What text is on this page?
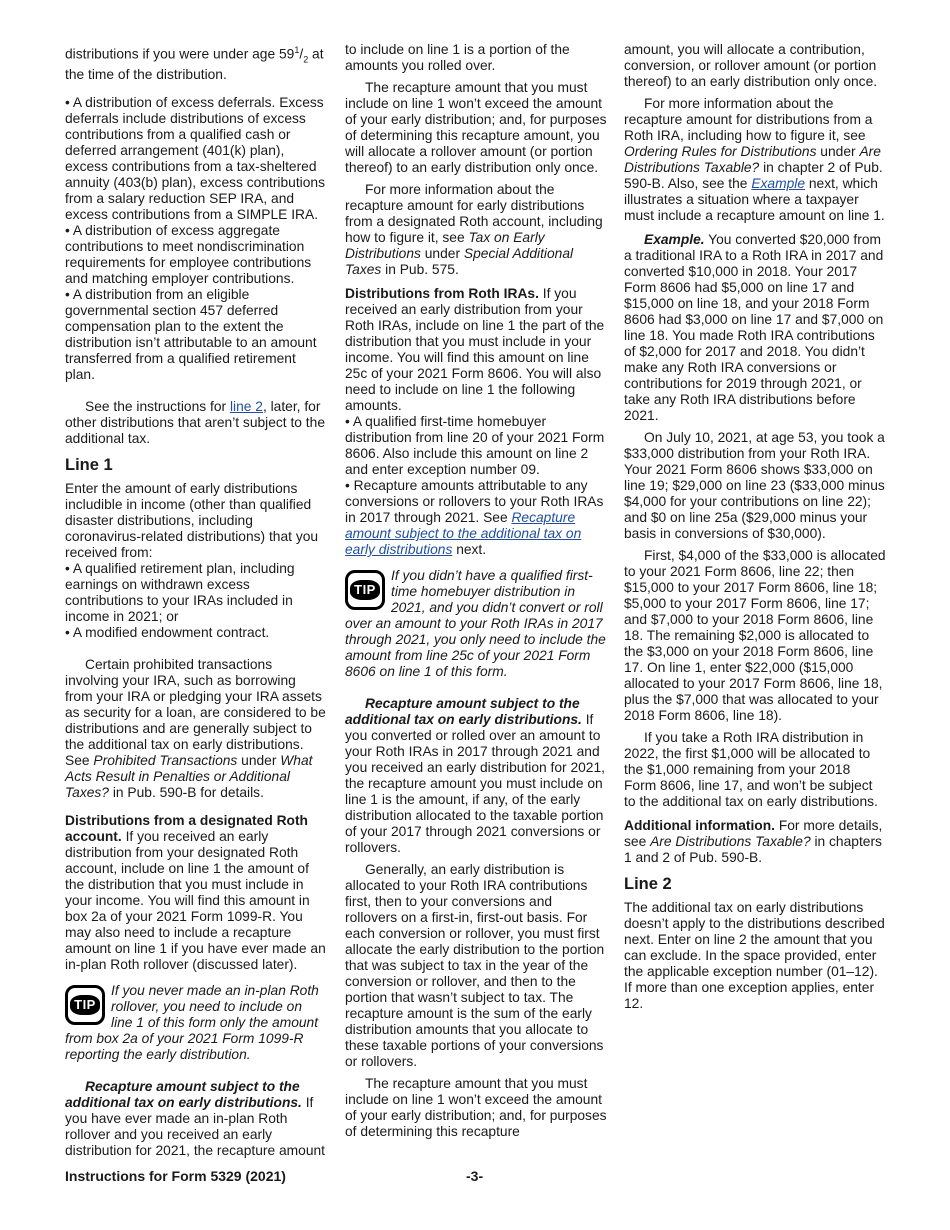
distributions if you were under age $59^1/_2$ at the time of the distribution.

• A distribution of excess deferrals. Excess deferrals include distributions of excess contributions from a qualified cash or deferred arrangement (401(k) plan), excess contributions from a tax-sheltered annuity (403(b) plan), excess contributions from a salary reduction SEP IRA, and excess contributions from a SIMPLE IRA.

• A distribution of excess aggregate contributions to meet nondiscrimination requirements for employee contributions and matching employer contributions.

• A distribution from an eligible governmental section 457 deferred compensation plan to the extent the distribution isn’t attributable to an amount transferred from a qualified retirement plan.

See the instructions for line 2, later, for other distributions that aren’t subject to the additional tax.

Line 1

Enter the amount of early distributions includible in income (other than qualified disaster distributions, including coronavirus-related distributions) that you received from:

• A qualified retirement plan, including earnings on withdrawn excess contributions to your IRAs included in income in 2021; or

• A modified endowment contract.

Certain prohibited transactions involving your IRA, such as borrowing from your IRA or pledging your IRA assets as security for a loan, are considered to be distributions and are generally subject to the additional tax on early distributions. See Prohibited Transactions under What Acts Result in Penalties or Additional Taxes? in Pub. 590-B for details.

Distributions from a designated Roth account. If you received an early distribution from your designated Roth account, include on line 1 the amount of the distribution that you must include in your income. You will find this amount in box 2a of your 2021 Form 1099-R. You may also need to include a recapture amount on line 1 if you have ever made an in-plan Roth rollover (discussed later).

TIP
If you never made an in-plan Roth rollover, you need to include on line 1 of this form only the amount from box 2a of your 2021 Form 1099-R reporting the early distribution.

Recapture amount subject to the additional tax on early distributions. If you have ever made an in-plan Roth rollover and you received an early distribution for 2021, the recapture amount

to include on line 1 is a portion of the amounts you rolled over.

The recapture amount that you must include on line 1 won’t exceed the amount of your early distribution; and, for purposes of determining this recapture amount, you will allocate a rollover amount (or portion thereof) to an early distribution only once.

For more information about the recapture amount for early distributions from a designated Roth account, including how to figure it, see Tax on Early Distributions under Special Additional Taxes in Pub. 575.

Distributions from Roth IRAs. If you received an early distribution from your Roth IRAs, include on line 1 the part of the distribution that you must include in your income. You will find this amount on line 25c of your 2021 Form 8606. You will also need to include on line 1 the following amounts.

• A qualified first-time homebuyer distribution from line 20 of your 2021 Form 8606. Also include this amount on line 2 and enter exception number 09.

• Recapture amounts attributable to any conversions or rollovers to your Roth IRAs in 2017 through 2021. See Recapture amount subject to the additional tax on early distributions next.

TIP
If you didn’t have a qualified first-time homebuyer distribution in 2021, and you didn’t convert or roll over an amount to your Roth IRAs in 2017 through 2021, you only need to include the amount from line 25c of your 2021 Form 8606 on line 1 of this form.

Recapture amount subject to the additional tax on early distributions. If you converted or rolled over an amount to your Roth IRAs in 2017 through 2021 and you received an early distribution for 2021, the recapture amount you must include on line 1 is the amount, if any, of the early distribution allocated to the taxable portion of your 2017 through 2021 conversions or rollovers.

Generally, an early distribution is allocated to your Roth IRA contributions first, then to your conversions and rollovers on a first-in, first-out basis. For each conversion or rollover, you must first allocate the early distribution to the portion that was subject to tax in the year of the conversion or rollover, and then to the portion that wasn’t subject to tax. The recapture amount is the sum of the early distribution amounts that you allocate to these taxable portions of your conversions or rollovers.

The recapture amount that you must include on line 1 won’t exceed the amount of your early distribution; and, for purposes of determining this recapture

amount, you will allocate a contribution, conversion, or rollover amount (or portion thereof) to an early distribution only once.

For more information about the recapture amount for distributions from a Roth IRA, including how to figure it, see Ordering Rules for Distributions under Are Distributions Taxable? in chapter 2 of Pub. 590-B. Also, see the Example next, which illustrates a situation where a taxpayer must include a recapture amount on line 1.

Example. You converted $20,000 from a traditional IRA to a Roth IRA in 2017 and converted $10,000 in 2018. Your 2017 Form 8606 had $5,000 on line 17 and $15,000 on line 18, and your 2018 Form 8606 had $3,000 on line 17 and $7,000 on line 18. You made Roth IRA contributions of $2,000 for 2017 and 2018. You didn’t make any Roth IRA conversions or contributions for 2019 through 2021, or take any Roth IRA distributions before 2021.

On July 10, 2021, at age 53, you took a $33,000 distribution from your Roth IRA. Your 2021 Form 8606 shows $33,000 on line 19; $29,000 on line 23 ($33,000 minus $4,000 for your contributions on line 22); and $0 on line 25a ($29,000 minus your basis in conversions of $30,000).

First, $4,000 of the $33,000 is allocated to your 2021 Form 8606, line 22; then $15,000 to your 2017 Form 8606, line 18; $5,000 to your 2017 Form 8606, line 17; and $7,000 to your 2018 Form 8606, line 18. The remaining $2,000 is allocated to the $3,000 on your 2018 Form 8606, line 17. On line 1, enter $22,000 ($15,000 allocated to your 2017 Form 8606, line 18, plus the $7,000 that was allocated to your 2018 Form 8606, line 18).

If you take a Roth IRA distribution in 2022, the first $1,000 will be allocated to the $1,000 remaining from your 2018 Form 8606, line 17, and won’t be subject to the additional tax on early distributions.

Additional information. For more details, see Are Distributions Taxable? in chapters 1 and 2 of Pub. 590-B.

Line 2

The additional tax on early distributions doesn’t apply to the distributions described next. Enter on line 2 the amount that you can exclude. In the space provided, enter the applicable exception number (01–12). If more than one exception applies, enter 12.

Instructions for Form 5329 (2021)	-3-
